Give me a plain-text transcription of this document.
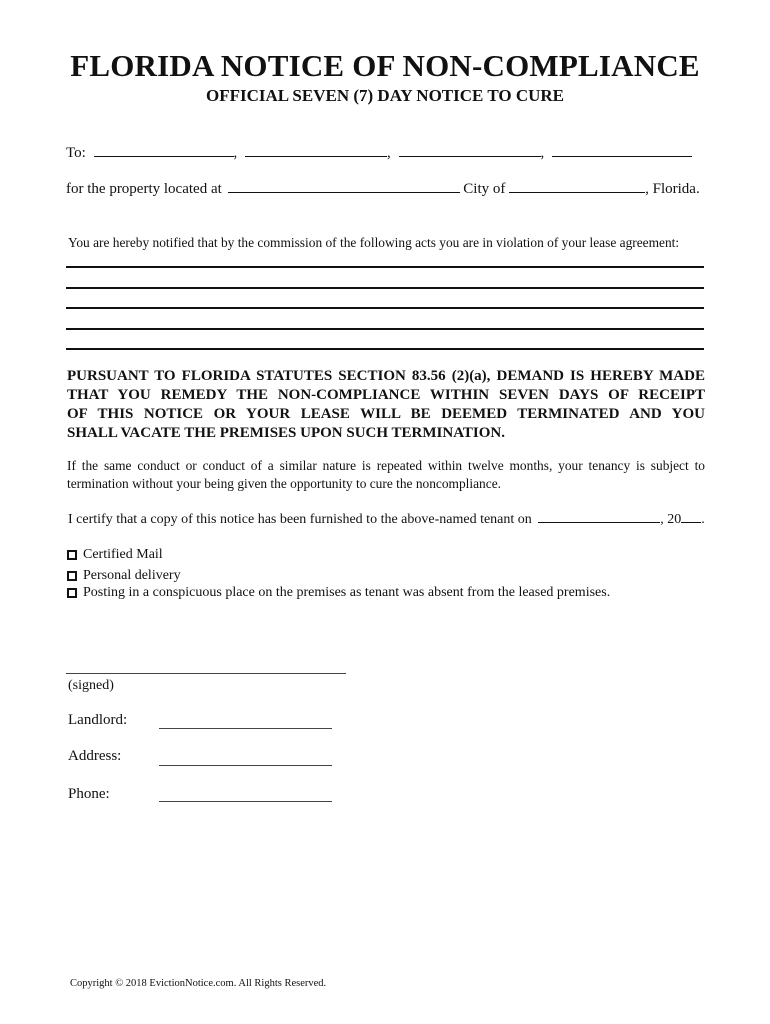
FLORIDA NOTICE OF NON-COMPLIANCE
OFFICIAL SEVEN (7) DAY NOTICE TO CURE
To:	,	,	,
for the property located at	City of	, Florida.
You are hereby notified that by the commission of the following acts you are in violation of your lease agreement:
PURSUANT TO FLORIDA STATUTES SECTION 83.56 (2)(a), DEMAND IS HEREBY MADE
THAT YOU REMEDY THE NON-COMPLIANCE WITHIN SEVEN DAYS OF RECEIPT
OF THIS NOTICE OR YOUR LEASE WILL BE DEEMED TERMINATED AND YOU
SHALL VACATE THE PREMISES UPON SUCH TERMINATION.
If the same conduct or conduct of a similar nature is repeated within twelve months, your tenancy is subject to
termination without your being given the opportunity to cure the noncompliance.
I certify that a copy of this notice has been furnished to the above-named tenant on	, 20 .
Certified Mail
Personal delivery
Posting in a conspicuous place on the premises as tenant was absent from the leased premises.
(signed)
Landlord:
Address:
Phone:
Copyright © 2018 EvictionNotice.com. All Rights Reserved.
